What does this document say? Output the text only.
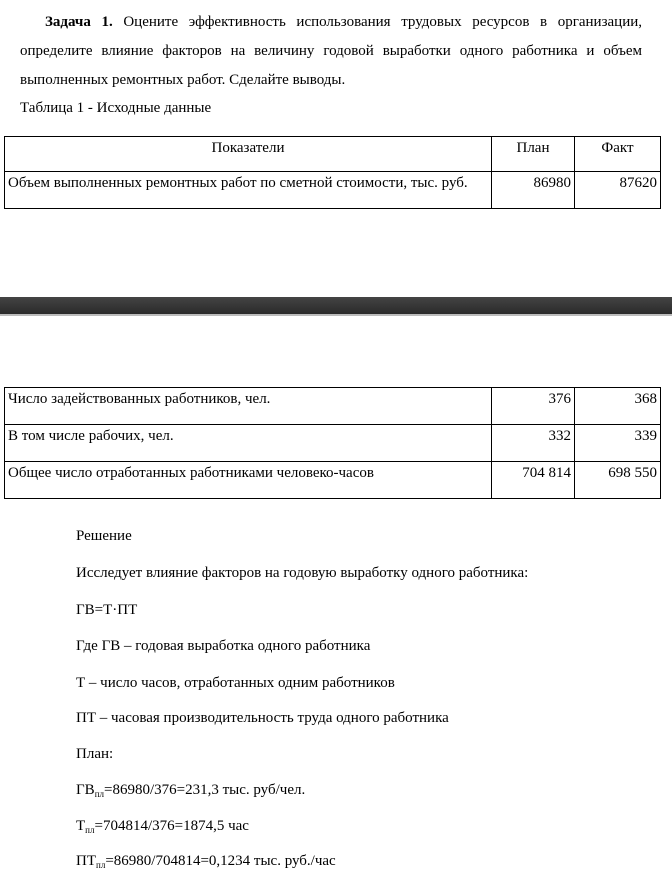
Задача 1. Оцените эффективность использования трудовых ресурсов в организации, определите влияние факторов на величину годовой выработки одного работника и объем выполненных ремонтных работ. Сделайте выводы.
Таблица 1 - Исходные данные
Показатели	План	Факт
Объем выполненных ремонтных работ по сметной стоимости, тыс. руб.	86980	87620
Число задействованных работников, чел.	376	368
В том числе рабочих, чел.	332	339
Общее число отработанных работниками человеко-часов	704 814	698 550
Решение
Исследует влияние факторов на годовую выработку одного работника:
ГВ=Т·ПТ
Где ГВ – годовая выработка одного работника
Т – число часов, отработанных одним работников
ПТ – часовая производительность труда одного работника
План:
$ГВ_{пл}=86980/376=231,3$ тыс. руб/чел.
$Т_{пл}=704814/376=1874,5$ час
$ПТ_{пл}=86980/704814=0,1234$ тыс. руб./час
